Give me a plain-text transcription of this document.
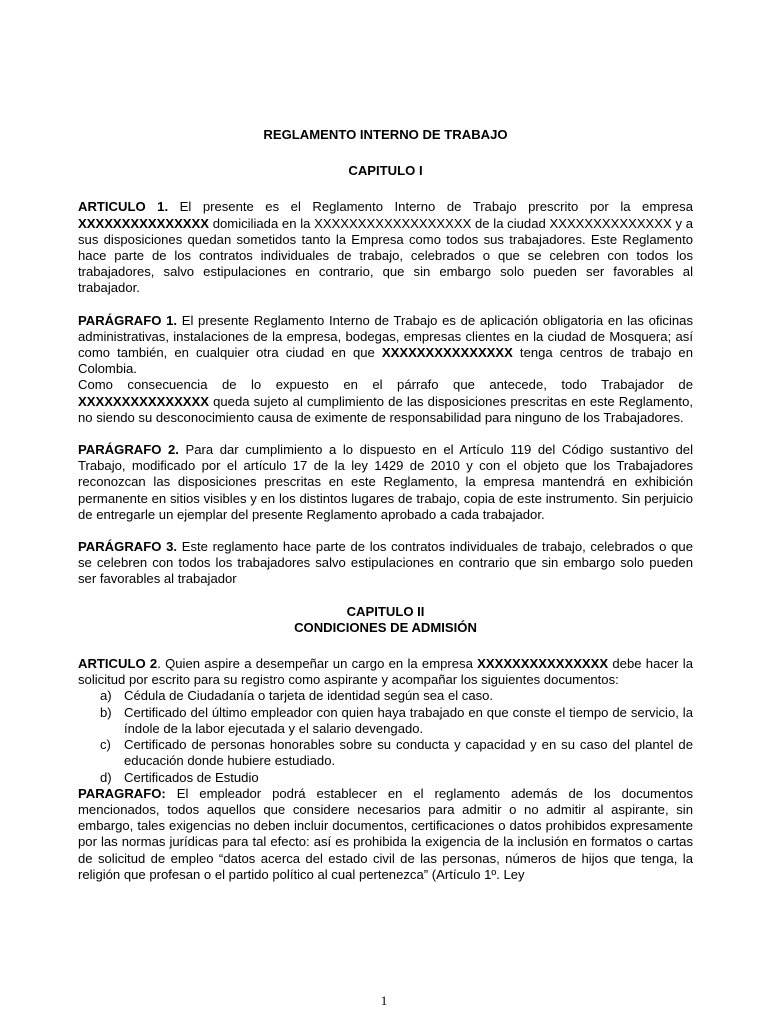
REGLAMENTO INTERNO DE TRABAJO
CAPITULO I

ARTICULO 1. El presente es el Reglamento Interno de Trabajo prescrito por la empresa XXXXXXXXXXXXXXX domiciliada en la XXXXXXXXXXXXXXXXXX de la ciudad XXXXXXXXXXXXXX y a sus disposiciones quedan sometidos tanto la Empresa como todos sus trabajadores. Este Reglamento hace parte de los contratos individuales de trabajo, celebrados o que se celebren con todos los trabajadores, salvo estipulaciones en contrario, que sin embargo solo pueden ser favorables al trabajador.

PARÁGRAFO 1. El presente Reglamento Interno de Trabajo es de aplicación obligatoria en las oficinas administrativas, instalaciones de la empresa, bodegas, empresas clientes en la ciudad de Mosquera; así como también, en cualquier otra ciudad en que XXXXXXXXXXXXXXX tenga centros de trabajo en Colombia.

Como consecuencia de lo expuesto en el párrafo que antecede, todo Trabajador de XXXXXXXXXXXXXXX queda sujeto al cumplimiento de las disposiciones prescritas en este Reglamento, no siendo su desconocimiento causa de eximente de responsabilidad para ninguno de los Trabajadores.

PARÁGRAFO 2. Para dar cumplimiento a lo dispuesto en el Artículo 119 del Código sustantivo del Trabajo, modificado por el artículo 17 de la ley 1429 de 2010 y con el objeto que los Trabajadores reconozcan las disposiciones prescritas en este Reglamento, la empresa mantendrá en exhibición permanente en sitios visibles y en los distintos lugares de trabajo, copia de este instrumento. Sin perjuicio de entregarle un ejemplar del presente Reglamento aprobado a cada trabajador.

PARÁGRAFO 3. Este reglamento hace parte de los contratos individuales de trabajo, celebrados o que se celebren con todos los trabajadores salvo estipulaciones en contrario que sin embargo solo pueden ser favorables al trabajador

CAPITULO II
CONDICIONES DE ADMISIÓN

ARTICULO 2. Quien aspire a desempeñar un cargo en la empresa XXXXXXXXXXXXXXX debe hacer la solicitud por escrito para su registro como aspirante y acompañar los siguientes documentos:

a) Cédula de Ciudadanía o tarjeta de identidad según sea el caso.
b) Certificado del último empleador con quien haya trabajado en que conste el tiempo de servicio, la índole de la labor ejecutada y el salario devengado.
c) Certificado de personas honorables sobre su conducta y capacidad y en su caso del plantel de educación donde hubiere estudiado.
d) Certificados de Estudio

PARAGRAFO: El empleador podrá establecer en el reglamento además de los documentos mencionados, todos aquellos que considere necesarios para admitir o no admitir al aspirante, sin embargo, tales exigencias no deben incluir documentos, certificaciones o datos prohibidos expresamente por las normas jurídicas para tal efecto: así es prohibida la exigencia de la inclusión en formatos o cartas de solicitud de empleo “datos acerca del estado civil de las personas, números de hijos que tenga, la religión que profesan o el partido político al cual pertenezca” (Artículo 1º. Ley

1
